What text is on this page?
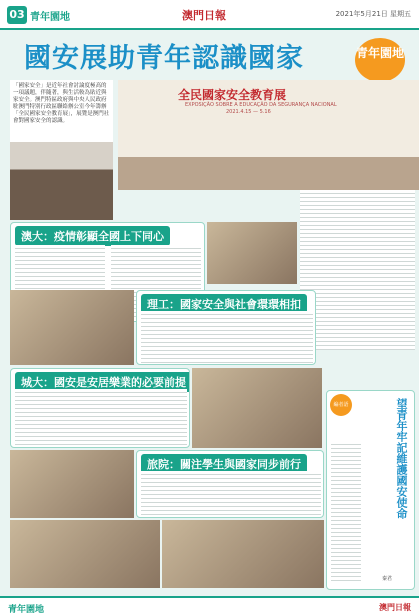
03 青年園地	澳門日報	2021年5月21日 星期五
國安展助青年認識國家	青年園地
「國家安全」是近年社會討論度極高的一項議題，伴隨著，與生活較為貼近與家安全。澳門特區政府與中央人民政府駐澳門特別行政區聯絡辦公室今年籌辦「全民國家安全教育展」，展覽是澳門社會對國家安全的認識。
全民國家安全教育展
EXPOSIÇÃO SOBRE A EDUCAÇÃO DA SEGURANÇA NACIONAL
2021.4.15 — 5.16
澳大：疫情彰顯全國上下同心
理工：國家安全與社會環環相扣
城大：國安是安居樂業的必要前提
旅院：關注學生與國家同步前行
編者語	望青年牢記維護國安使命
秦君
青年園地	澳門日報
